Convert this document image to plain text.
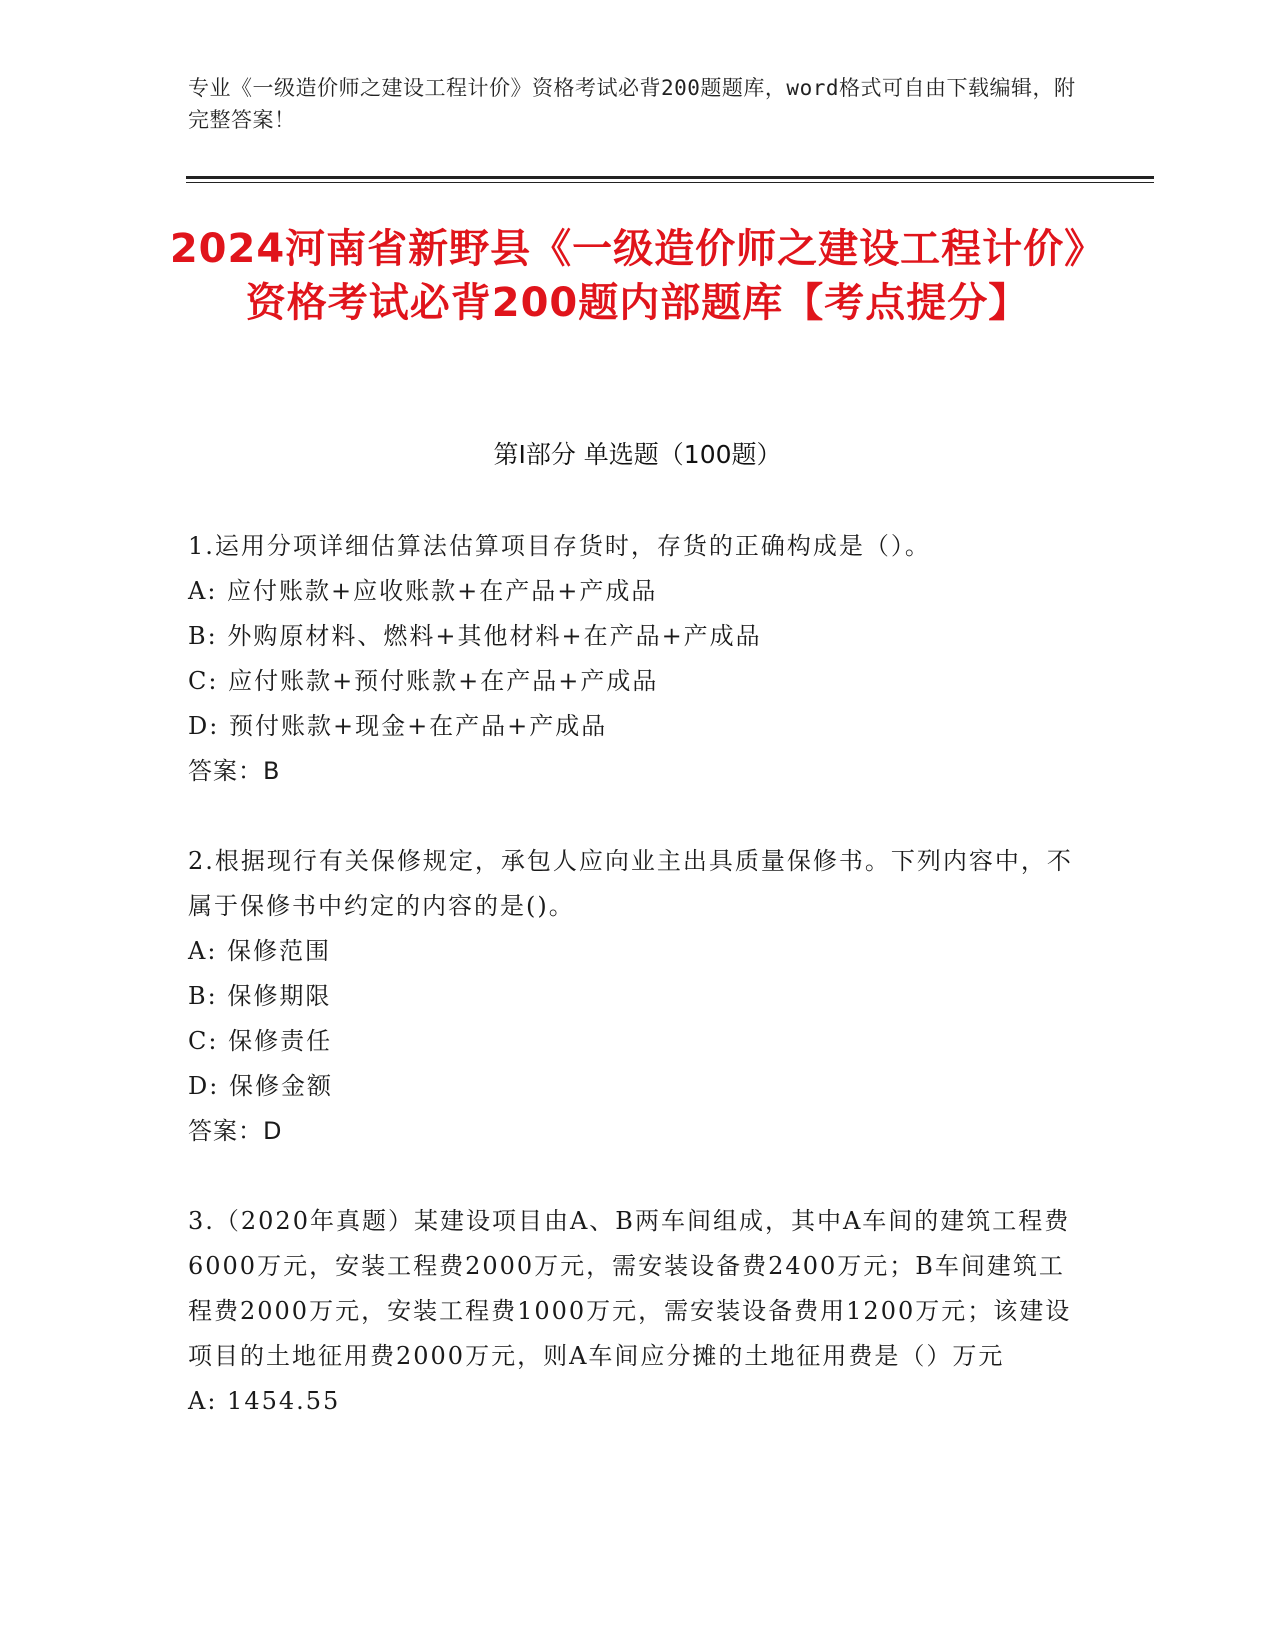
专业《一级造价师之建设工程计价》资格考试必背200题题库，word格式可自由下载编辑，附完整答案！
2024河南省新野县《一级造价师之建设工程计价》资格考试必背200题内部题库【考点提分】
第Ⅰ部分 单选题（100题）

1.运用分项详细估算法估算项目存货时，存货的正确构成是（）。

A: 应付账款+应收账款+在产品+产成品

B: 外购原材料、燃料+其他材料+在产品+产成品

C: 应付账款+预付账款+在产品+产成品

D: 预付账款+现金+在产品+产成品

答案：B

2.根据现行有关保修规定，承包人应向业主出具质量保修书。下列内容中，不属于保修书中约定的内容的是()。

A: 保修范围

B: 保修期限

C: 保修责任

D: 保修金额

答案：D

3.（2020年真题）某建设项目由A、B两车间组成，其中A车间的建筑工程费6000万元，安装工程费2000万元，需安装设备费2400万元；B车间建筑工程费2000万元，安装工程费1000万元，需安装设备费用1200万元；该建设项目的土地征用费2000万元，则A车间应分摊的土地征用费是（）万元

A: 1454.55
